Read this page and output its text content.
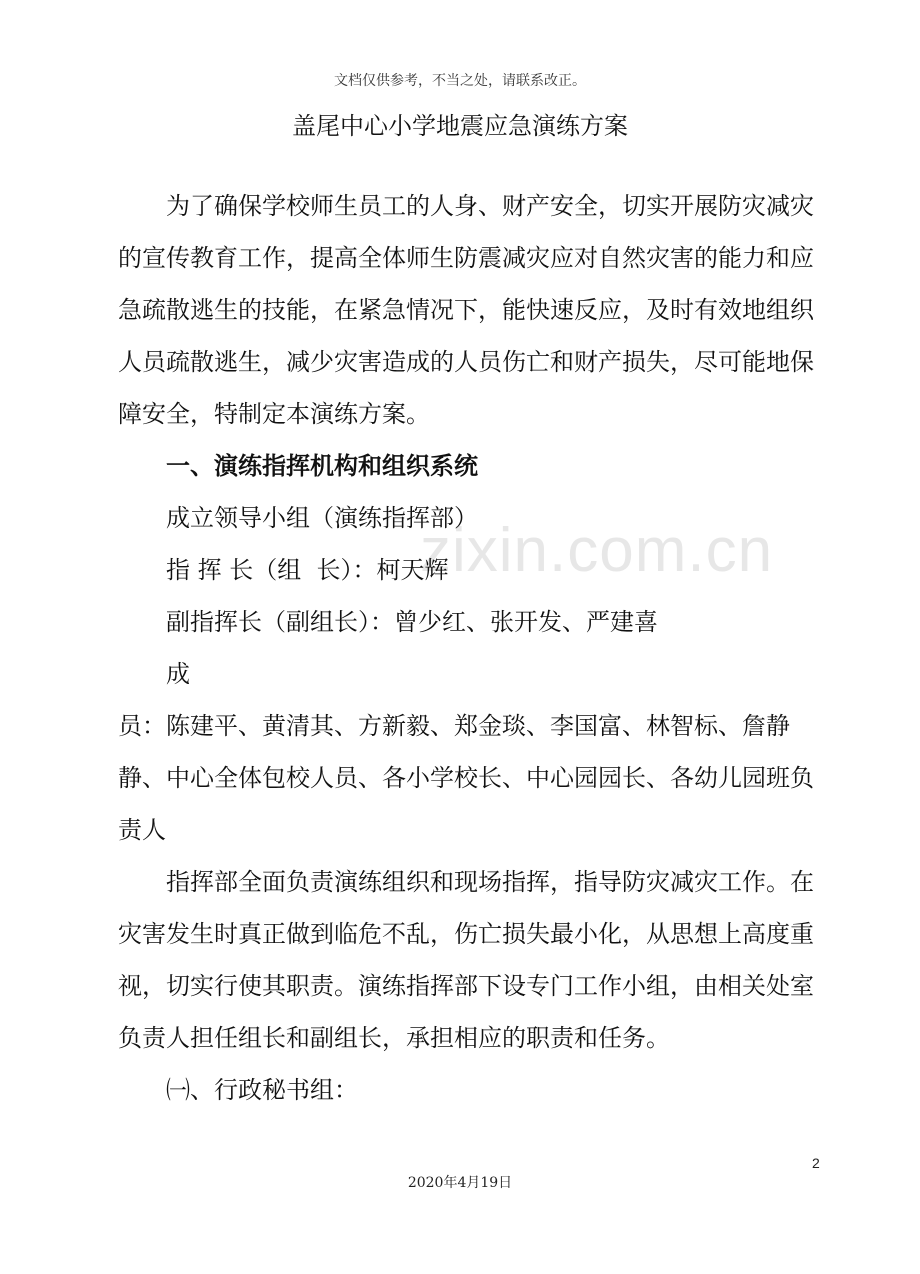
文档仅供参考，不当之处，请联系改正。
盖尾中心小学地震应急演练方案
zixin.com.cn

为了确保学校师生员工的人身、财产安全，切实开展防灾减灾的宣传教育工作，提高全体师生防震减灾应对自然灾害的能力和应急疏散逃生的技能，在紧急情况下，能快速反应，及时有效地组织人员疏散逃生，减少灾害造成的人员伤亡和财产损失，尽可能地保障安全，特制定本演练方案。

一、演练指挥机构和组织系统

成立领导小组（演练指挥部）

指 挥 长（组  长）：柯天辉

副指挥长（副组长）：曾少红、张开发、严建喜

成

员：陈建平、黄清其、方新毅、郑金琰、李国富、林智标、詹静静、中心全体包校人员、各小学校长、中心园园长、各幼儿园班负责人

指挥部全面负责演练组织和现场指挥，指导防灾减灾工作。在灾害发生时真正做到临危不乱，伤亡损失最小化，从思想上高度重视，切实行使其职责。演练指挥部下设专门工作小组，由相关处室负责人担任组长和副组长，承担相应的职责和任务。

㈠、行政秘书组：

2
2020年4月19日
